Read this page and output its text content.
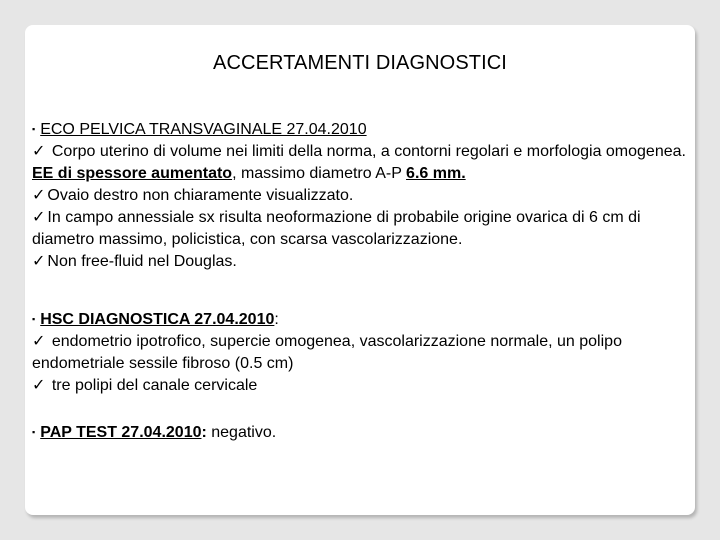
ACCERTAMENTI DIAGNOSTICI

▪ ECO PELVICA TRANSVAGINALE 27.04.2010

✓ Corpo uterino di volume nei limiti della norma, a contorni regolari e morfologia omogenea. EE di spessore aumentato, massimo diametro A-P 6.6 mm.

✓ Ovaio destro non chiaramente visualizzato.

✓ In campo annessiale sx risulta neoformazione di probabile origine ovarica di 6 cm di diametro massimo, policistica, con scarsa vascolarizzazione.

✓ Non free-fluid nel Douglas.

▪ HSC DIAGNOSTICA 27.04.2010:

✓ endometrio ipotrofico, supercie omogenea, vascolarizzazione normale, un polipo endometriale sessile fibroso (0.5 cm)

✓ tre polipi del canale cervicale

▪ PAP TEST 27.04.2010: negativo.
